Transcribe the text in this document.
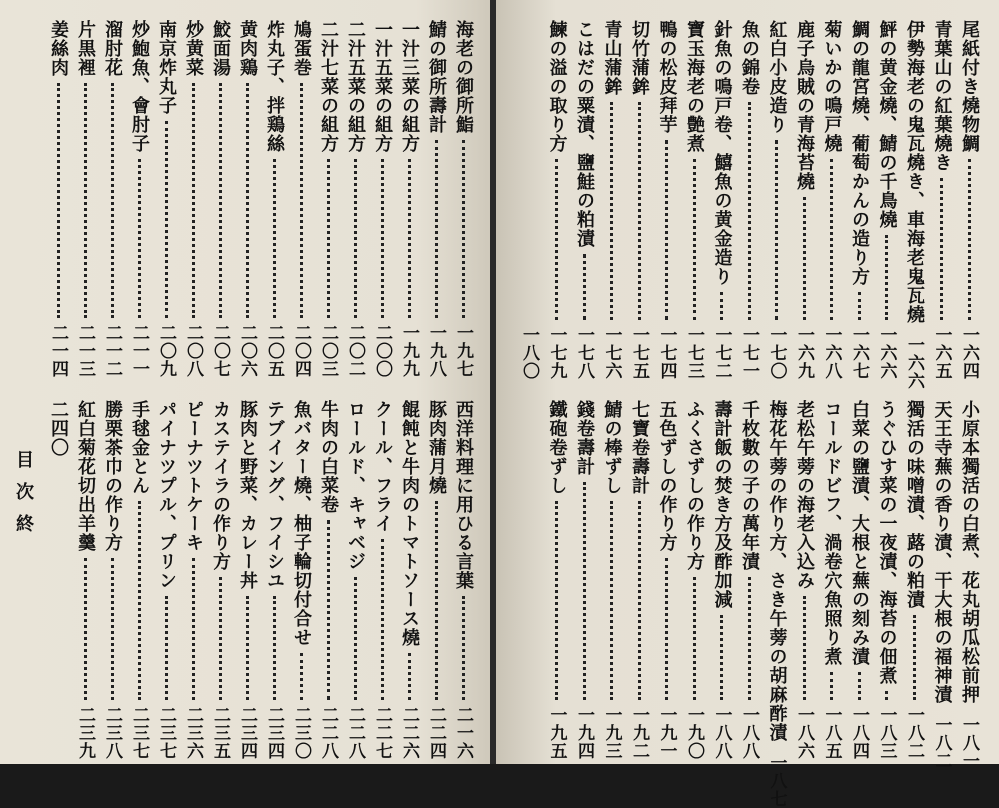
海老の御所鮨
一九七
鯖の御所壽計
一九八
一汁三菜の組方
一九九
一汁五菜の組方
二〇〇
二汁五菜の組方
二〇二
二汁七菜の組方
二〇三
鳩蛋巻
二〇四
炸丸子、拌鶏絲
二〇五
黄肉鶏
二〇六
鮫面湯
二〇七
炒黄菜
二〇八
南京炸丸子
二〇九
炒鮑魚、會肘子
二一一
溜肘花
二一二
片黒裡
二一三
姜絲肉
二一四
西洋料理に用ひる言葉
二一六
豚肉蒲月燒
二二四
餛飩と牛肉のトマトソース燒
二二六
クール、フライ
二二七
ロールド、キャベジ
二二八
牛肉の白菜卷
二二八
魚バター燒、柚子輪切付合せ
二三〇
テブイング、フイシユ
二三四
豚肉と野菜、カレー丼
二三四
カステイラの作り方
二三五
ピーナツトケーキ
二三六
パイナツプル、プリン
二三七
手毬金とん
二三七
勝栗茶巾の作り方
二三八
紅白菊花切出羊羹
二三九
二四〇
目次終
尾紙付き燒物鯛
一六四
青葉山の紅葉燒き
一六五
伊勢海老の鬼瓦燒き、車海老鬼瓦燒
一六六
鮃の黄金燒、鯖の千鳥燒
一六六
鯛の龍宮燒、葡萄かんの造り方
一六七
菊いかの鳴戸燒
一六八
鹿子烏賊の青海苔燒
一六九
紅白小皮造り
一七〇
魚の錦卷
一七一
針魚の鳴戸卷、鱚魚の黄金造り
一七二
寶玉海老の艶煮
一七三
鴨の松皮拜芋
一七四
切竹蒲鉾
一七五
青山蒲鉾
一七六
こはだの粟漬、鹽鮭の粕漬
一七八
鰊の溢の取り方
一七九
一八〇
小原本獨活の白煮、花丸胡瓜松前押
一八一
天王寺蕪の香り漬、干大根の福神漬
一八二
獨活の味噌漬、蕗の粕漬
一八二
うぐひす菜の一夜漬、海苔の佃煮
一八三
白菜の鹽漬、大根と蕪の刻み漬
一八四
コールドビフ、渦卷穴魚照り煮
一八五
老松午蒡の海老入込み
一八六
梅花午蒡の作り方、さき午蒡の胡麻酢漬
一八七
千枚數の子の萬年漬
一八八
壽計飯の焚き方及酢加減
一八八
ふくさずしの作り方
一九〇
五色ずしの作り方
一九一
七寶卷壽計
一九二
鯖の棒ずし
一九三
錢卷壽計
一九四
鐵砲卷ずし
一九五
